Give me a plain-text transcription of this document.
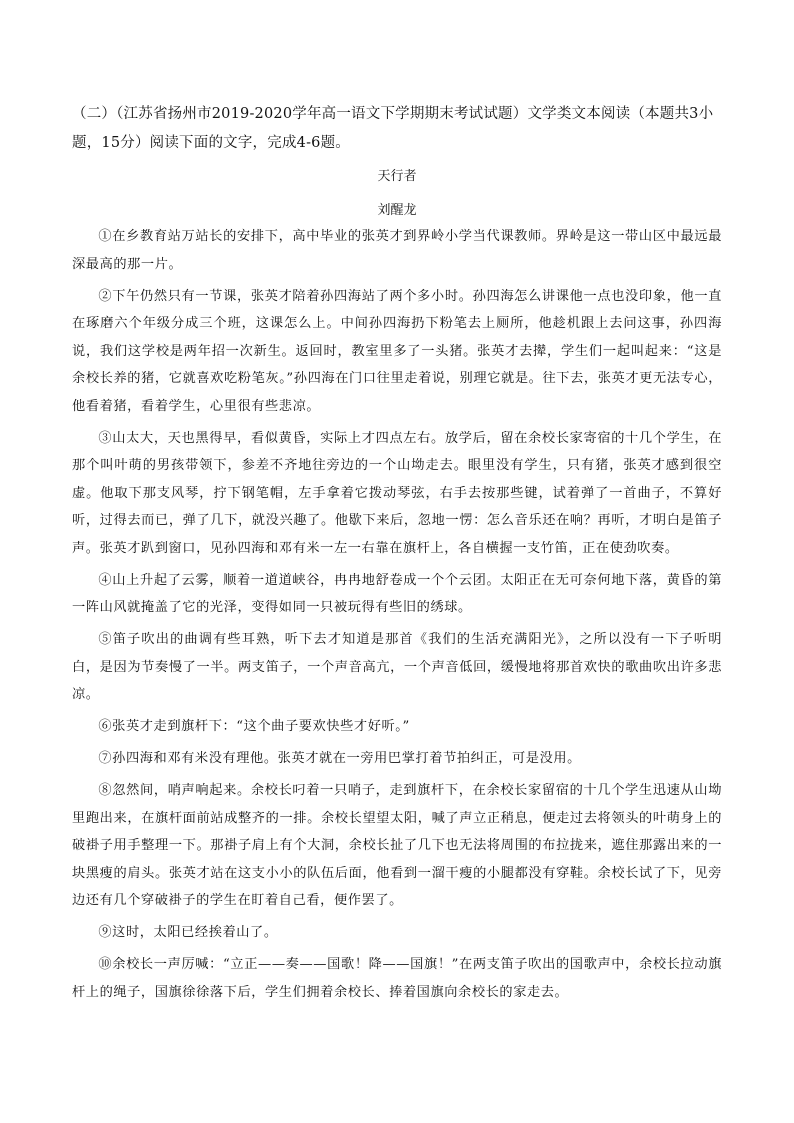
（二）（江苏省扬州市2019-2020学年高一语文下学期期末考试试题）文学类文本阅读（本题共3小题，15分）阅读下面的文字，完成4-6题。
天行者
刘醒龙

①在乡教育站万站长的安排下，高中毕业的张英才到界岭小学当代课教师。界岭是这一带山区中最远最深最高的那一片。

②下午仍然只有一节课，张英才陪着孙四海站了两个多小时。孙四海怎么讲课他一点也没印象，他一直在琢磨六个年级分成三个班，这课怎么上。中间孙四海扔下粉笔去上厕所，他趁机跟上去问这事，孙四海说，我们这学校是两年招一次新生。返回时，教室里多了一头猪。张英才去撵，学生们一起叫起来：“这是余校长养的猪，它就喜欢吃粉笔灰。”孙四海在门口往里走着说，别理它就是。往下去，张英才更无法专心，他看着猪，看着学生，心里很有些悲凉。

③山太大，天也黑得早，看似黄昏，实际上才四点左右。放学后，留在余校长家寄宿的十几个学生，在那个叫叶萌的男孩带领下，参差不齐地往旁边的一个山坳走去。眼里没有学生，只有猪，张英才感到很空虚。他取下那支风琴，拧下钢笔帽，左手拿着它拨动琴弦，右手去按那些键，试着弹了一首曲子，不算好听，过得去而已，弹了几下，就没兴趣了。他歇下来后，忽地一愣：怎么音乐还在响？再听，才明白是笛子声。张英才趴到窗口，见孙四海和邓有米一左一右靠在旗杆上，各自横握一支竹笛，正在使劲吹奏。

④山上升起了云雾，顺着一道道峡谷，冉冉地舒卷成一个个云团。太阳正在无可奈何地下落，黄昏的第一阵山风就掩盖了它的光泽，变得如同一只被玩得有些旧的绣球。

⑤笛子吹出的曲调有些耳熟，听下去才知道是那首《我们的生活充满阳光》，之所以没有一下子听明白，是因为节奏慢了一半。两支笛子，一个声音高亢，一个声音低回，缓慢地将那首欢快的歌曲吹出许多悲凉。

⑥张英才走到旗杆下：“这个曲子要欢快些才好听。”

⑦孙四海和邓有米没有理他。张英才就在一旁用巴掌打着节拍纠正，可是没用。

⑧忽然间，哨声响起来。余校长叼着一只哨子，走到旗杆下，在余校长家留宿的十几个学生迅速从山坳里跑出来，在旗杆面前站成整齐的一排。余校长望望太阳，喊了声立正稍息，便走过去将领头的叶萌身上的破褂子用手整理一下。那褂子肩上有个大洞，余校长扯了几下也无法将周围的布拉拢来，遮住那露出来的一块黑瘦的肩头。张英才站在这支小小的队伍后面，他看到一溜干瘦的小腿都没有穿鞋。余校长试了下，见旁边还有几个穿破褂子的学生在盯着自己看，便作罢了。

⑨这时，太阳已经挨着山了。

⑩余校长一声厉喊：“立正——奏——国歌！降——国旗！”在两支笛子吹出的国歌声中，余校长拉动旗杆上的绳子，国旗徐徐落下后，学生们拥着余校长、捧着国旗向余校长的家走去。
